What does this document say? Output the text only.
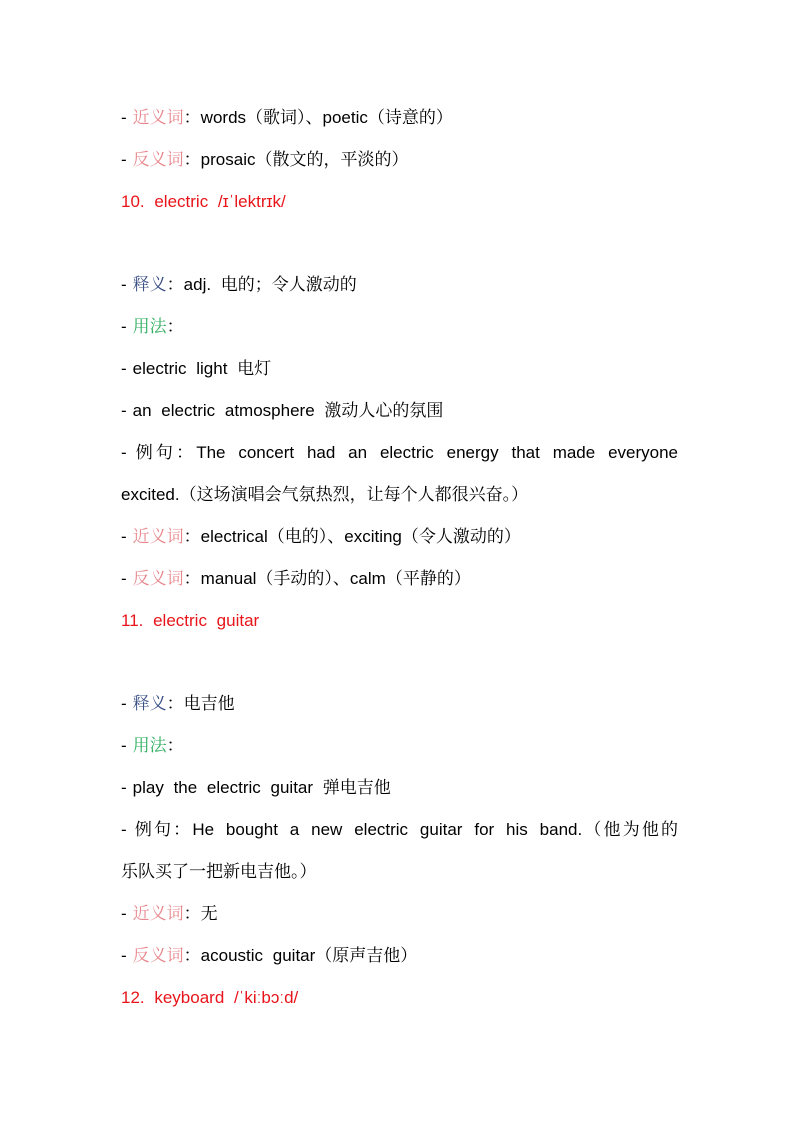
- 近义词：words（歌词）、poetic（诗意的）
- 反义词：prosaic（散文的，平淡的）
10. electric /ɪˈlektrɪk/
- 释义：adj. 电的；令人激动的
- 用法：
- electric light 电灯
- an electric atmosphere 激动人心的氛围
- 例句：The concert had an electric energy that made everyone
excited.（这场演唱会气氛热烈，让每个人都很兴奋。）
- 近义词：electrical（电的）、exciting（令人激动的）
- 反义词：manual（手动的）、calm（平静的）
11. electric guitar
- 释义：电吉他
- 用法：
- play the electric guitar 弹电吉他
- 例句：He bought a new electric guitar for his band.（他为他的
乐队买了一把新电吉他。）
- 近义词：无
- 反义词：acoustic guitar（原声吉他）
12. keyboard /ˈkiːbɔːd/
